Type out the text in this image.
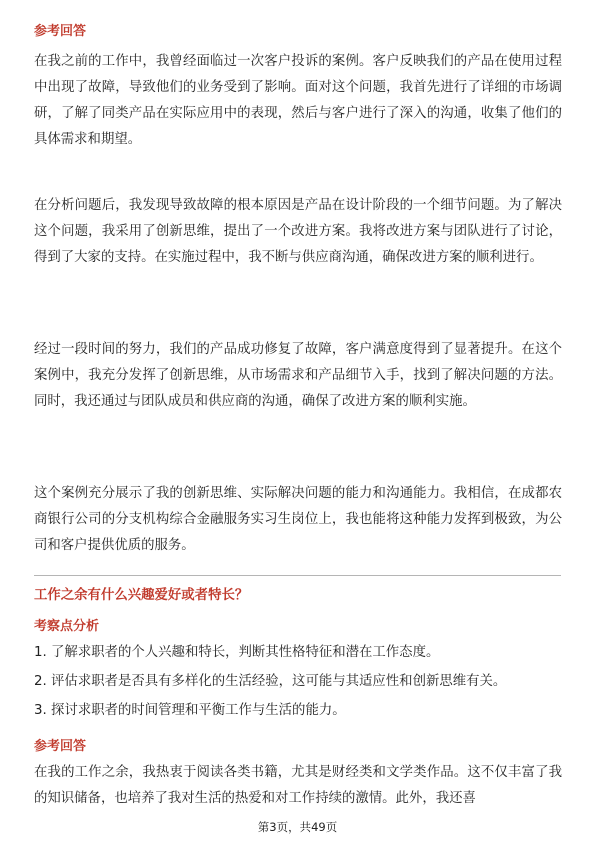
参考回答

在我之前的工作中，我曾经面临过一次客户投诉的案例。客户反映我们的产品在使用过程中出现了故障，导致他们的业务受到了影响。面对这个问题，我首先进行了详细的市场调研，了解了同类产品在实际应用中的表现，然后与客户进行了深入的沟通，收集了他们的具体需求和期望。

在分析问题后，我发现导致故障的根本原因是产品在设计阶段的一个细节问题。为了解决这个问题，我采用了创新思维，提出了一个改进方案。我将改进方案与团队进行了讨论，得到了大家的支持。在实施过程中，我不断与供应商沟通，确保改进方案的顺利进行。

经过一段时间的努力，我们的产品成功修复了故障，客户满意度得到了显著提升。在这个案例中，我充分发挥了创新思维，从市场需求和产品细节入手，找到了解决问题的方法。同时，我还通过与团队成员和供应商的沟通，确保了改进方案的顺利实施。

这个案例充分展示了我的创新思维、实际解决问题的能力和沟通能力。我相信，在成都农商银行公司的分支机构综合金融服务实习生岗位上，我也能将这种能力发挥到极致，为公司和客户提供优质的服务。

工作之余有什么兴趣爱好或者特长？
考察点分析

1. 了解求职者的个人兴趣和特长，判断其性格特征和潜在工作态度。

2. 评估求职者是否具有多样化的生活经验，这可能与其适应性和创新思维有关。

3. 探讨求职者的时间管理和平衡工作与生活的能力。

参考回答

在我的工作之余，我热衷于阅读各类书籍，尤其是财经类和文学类作品。这不仅丰富了我的知识储备，也培养了我对生活的热爱和对工作持续的激情。此外，我还喜

第3页，共49页
